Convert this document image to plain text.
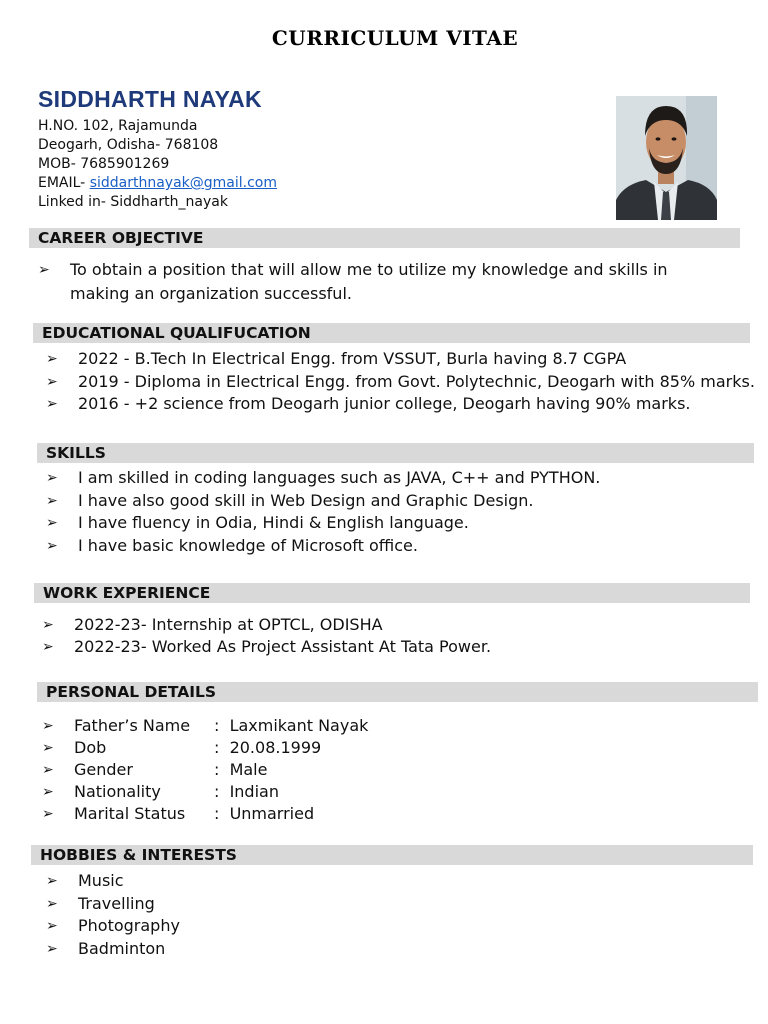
CURRICULUM VITAE
SIDDHARTH NAYAK
H.NO. 102, Rajamunda
Deogarh, Odisha- 768108
MOB- 7685901269
EMAIL- siddarthnayak@gmail.com
Linked in- Siddharth_nayak
CAREER OBJECTIVE
➢ To obtain a position that will allow me to utilize my knowledge and skills in
making an organization successful.
EDUCATIONAL QUALIFUCATION
➢ 2022 - B.Tech In Electrical Engg. from VSSUT, Burla having 8.7 CGPA
➢ 2019 - Diploma in Electrical Engg. from Govt. Polytechnic, Deogarh with 85% marks.
➢ 2016 - +2 science from Deogarh junior college, Deogarh having 90% marks.
SKILLS
➢ I am skilled in coding languages such as JAVA, C++ and PYTHON.
➢ I have also good skill in Web Design and Graphic Design.
➢ I have fluency in Odia, Hindi & English language.
➢ I have basic knowledge of Microsoft office.
WORK EXPERIENCE
➢ 2022-23- Internship at OPTCL, ODISHA
➢ 2022-23- Worked As Project Assistant At Tata Power.
PERSONAL DETAILS
➢ Father’s Name : Laxmikant Nayak
➢ Dob	: 20.08.1999
➢ Gender	: Male
➢ Nationality	: Indian
➢ Marital Status : Unmarried
HOBBIES & INTERESTS
➢ Music
➢ Travelling
➢ Photography
➢ Badminton
